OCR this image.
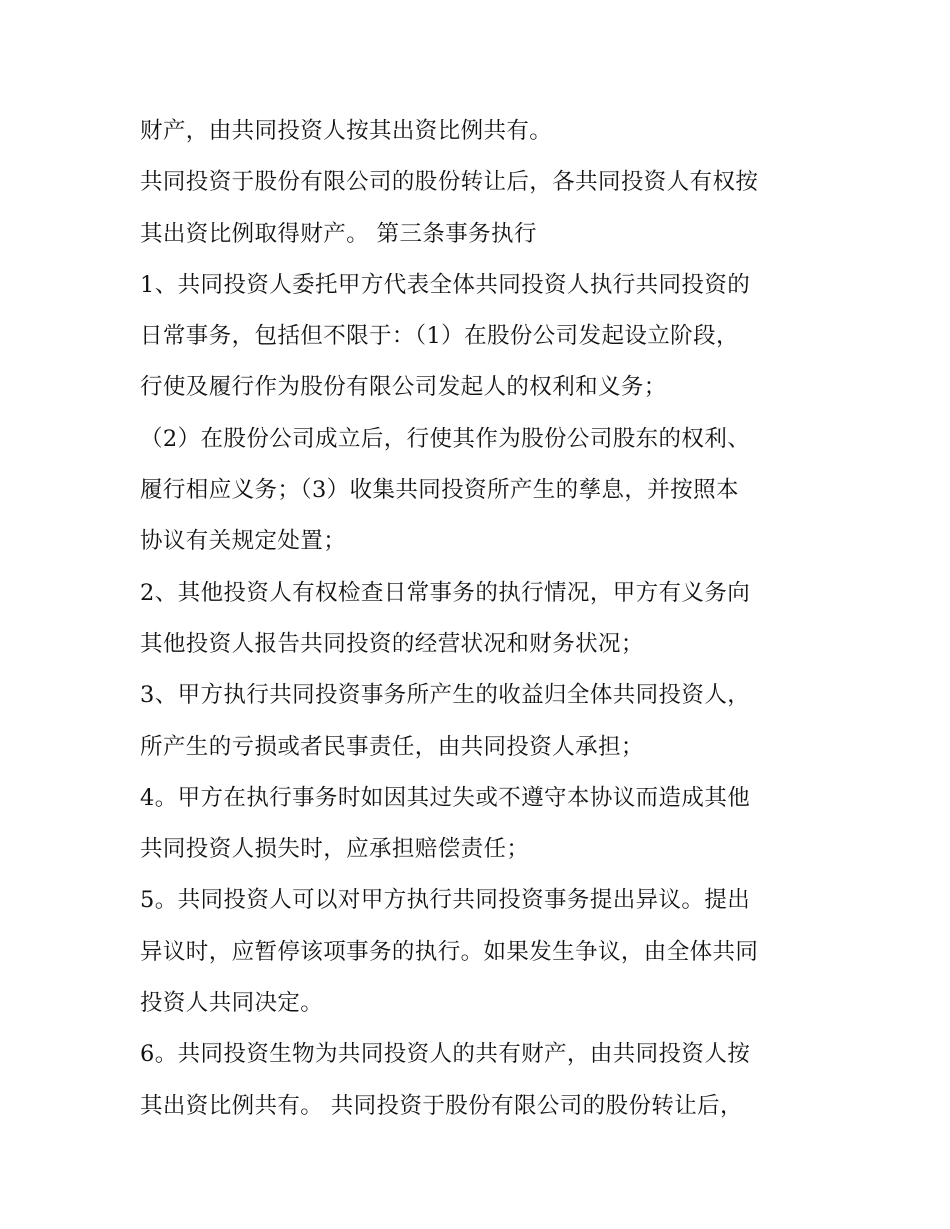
财产，由共同投资人按其出资比例共有。
共同投资于股份有限公司的股份转让后，各共同投资人有权按
其出资比例取得财产。 第三条事务执行
1、共同投资人委托甲方代表全体共同投资人执行共同投资的
日常事务，包括但不限于：（1）在股份公司发起设立阶段，
行使及履行作为股份有限公司发起人的权利和义务；
（2）在股份公司成立后，行使其作为股份公司股东的权利、
履行相应义务；（3）收集共同投资所产生的孳息，并按照本
协议有关规定处置；
2、其他投资人有权检查日常事务的执行情况，甲方有义务向
其他投资人报告共同投资的经营状况和财务状况；
3、甲方执行共同投资事务所产生的收益归全体共同投资人，
所产生的亏损或者民事责任，由共同投资人承担；
4。甲方在执行事务时如因其过失或不遵守本协议而造成其他
共同投资人损失时，应承担赔偿责任；
5。共同投资人可以对甲方执行共同投资事务提出异议。提出
异议时，应暂停该项事务的执行。如果发生争议，由全体共同
投资人共同决定。
6。共同投资生物为共同投资人的共有财产，由共同投资人按
其出资比例共有。 共同投资于股份有限公司的股份转让后，
